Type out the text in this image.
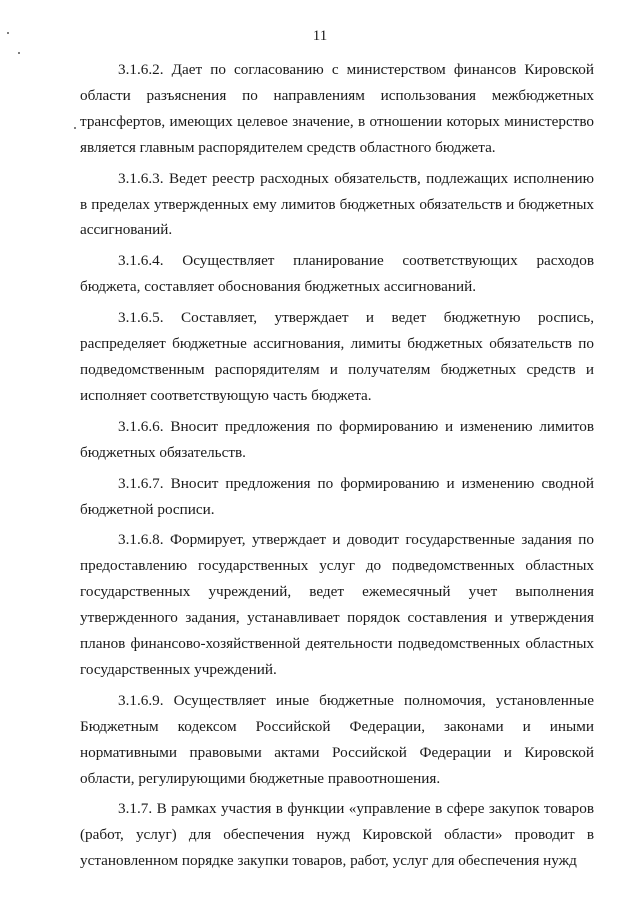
11

3.1.6.2. Дает по согласованию с министерством финансов Кировской области разъяснения по направлениям использования межбюджетных трансфертов, имеющих целевое значение, в отношении которых министерство является главным распорядителем средств областного бюджета.

3.1.6.3. Ведет реестр расходных обязательств, подлежащих исполнению в пределах утвержденных ему лимитов бюджетных обязательств и бюджетных ассигнований.

3.1.6.4. Осуществляет планирование соответствующих расходов бюджета, составляет обоснования бюджетных ассигнований.

3.1.6.5. Составляет, утверждает и ведет бюджетную роспись, распределяет бюджетные ассигнования, лимиты бюджетных обязательств по подведомственным распорядителям и получателям бюджетных средств и исполняет соответствующую часть бюджета.

3.1.6.6. Вносит предложения по формированию и изменению лимитов бюджетных обязательств.

3.1.6.7. Вносит предложения по формированию и изменению сводной бюджетной росписи.

3.1.6.8. Формирует, утверждает и доводит государственные задания по предоставлению государственных услуг до подведомственных областных государственных учреждений, ведет ежемесячный учет выполнения утвержденного задания, устанавливает порядок составления и утверждения планов финансово-хозяйственной деятельности подведомственных областных государственных учреждений.

3.1.6.9. Осуществляет иные бюджетные полномочия, установленные Бюджетным кодексом Российской Федерации, законами и иными нормативными правовыми актами Российской Федерации и Кировской области, регулирующими бюджетные правоотношения.

3.1.7. В рамках участия в функции «управление в сфере закупок товаров (работ, услуг) для обеспечения нужд Кировской области» проводит в установленном порядке закупки товаров, работ, услуг для обеспечения нужд
